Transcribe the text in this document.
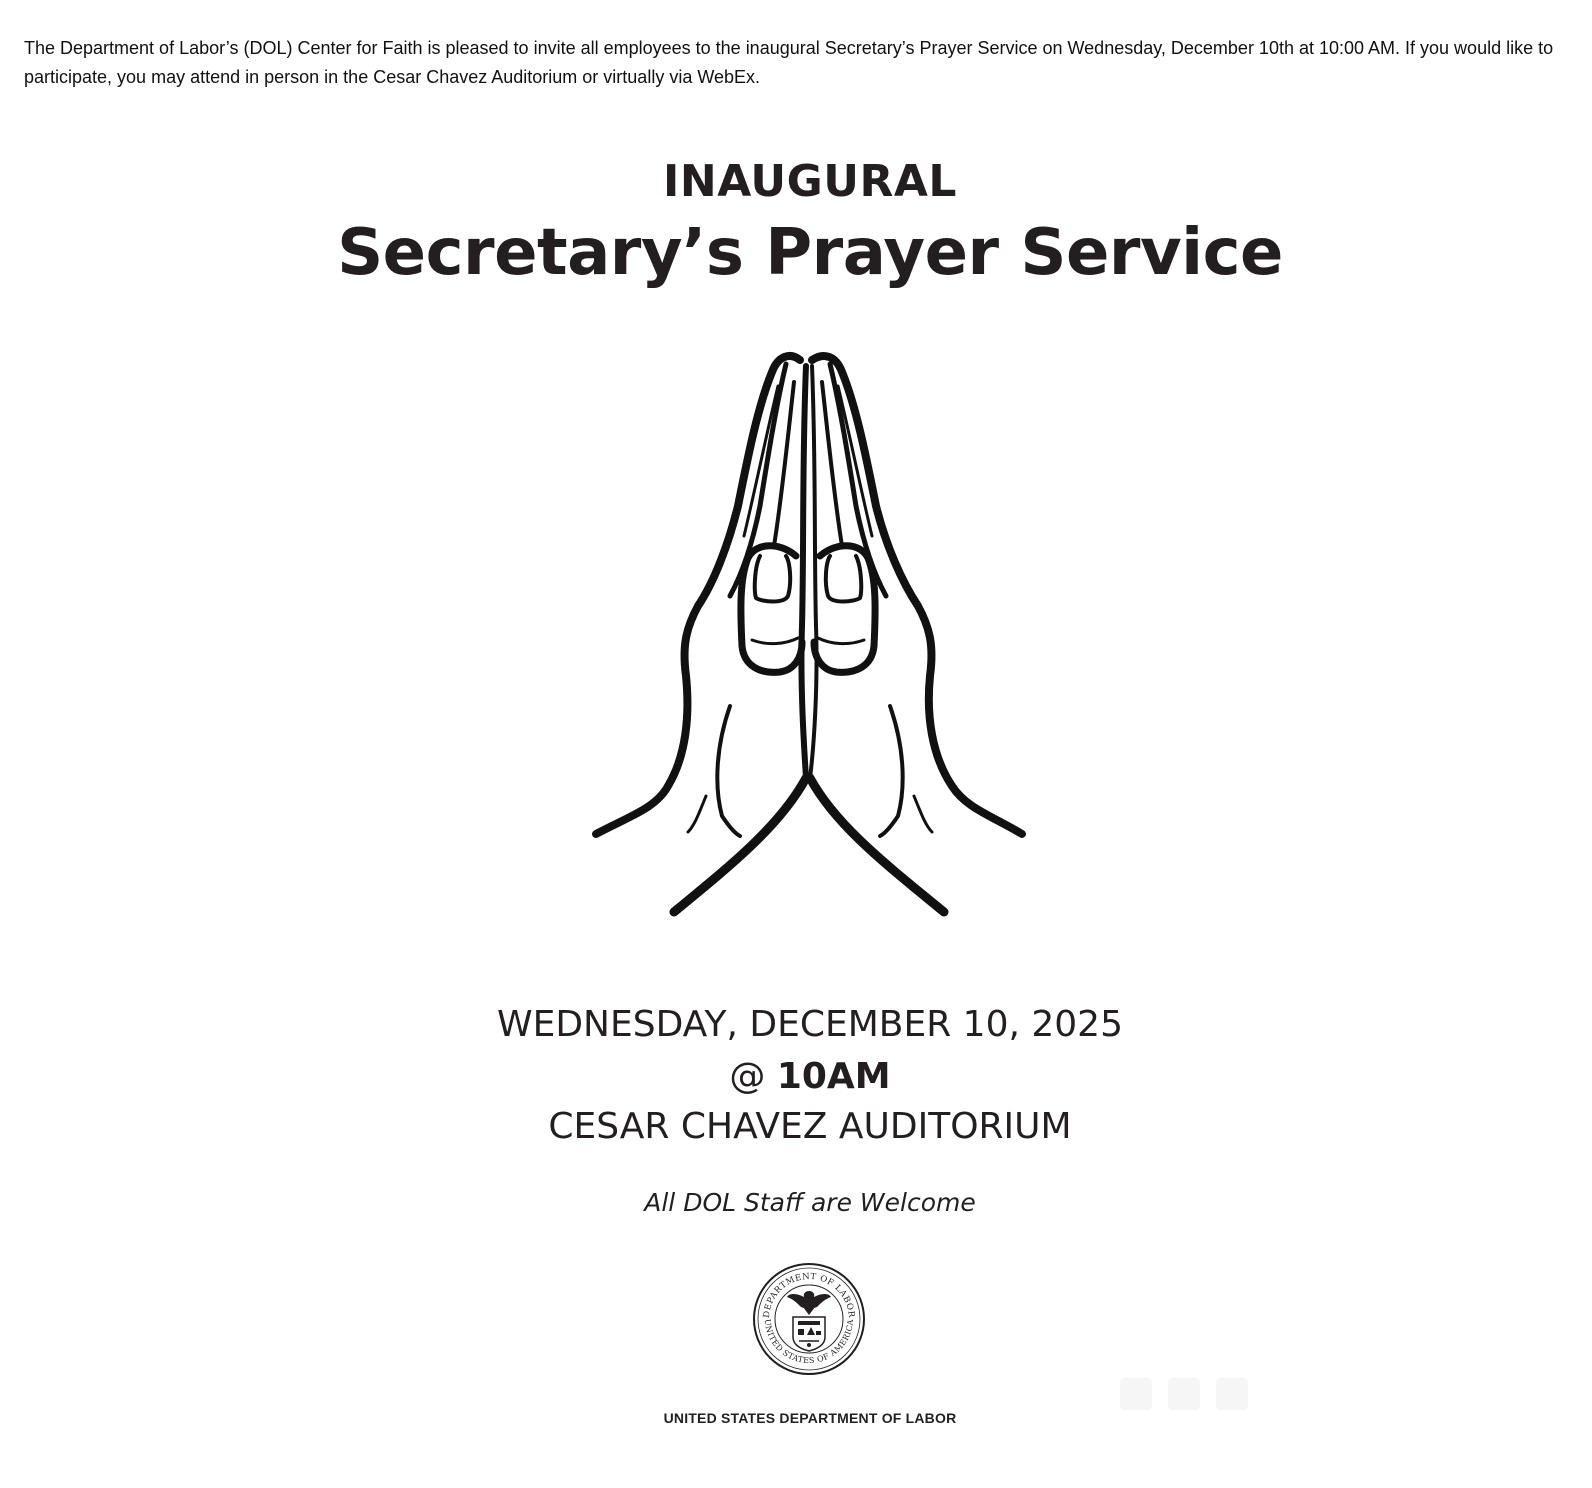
The Department of Labor’s (DOL) Center for Faith is pleased to invite all employees to the inaugural Secretary’s Prayer Service on Wednesday, December 10th at 10:00 AM. If you would like to participate, you may attend in person in the Cesar Chavez Auditorium or virtually via WebEx.

INAUGURAL
Secretary’s Prayer Service
WEDNESDAY, DECEMBER 10, 2025
@ 10AM
CESAR CHAVEZ AUDITORIUM
All DOL Staff are Welcome
DEPARTMENT OF LABOR
UNITED STATES OF AMERICA
UNITED STATES DEPARTMENT OF LABOR
